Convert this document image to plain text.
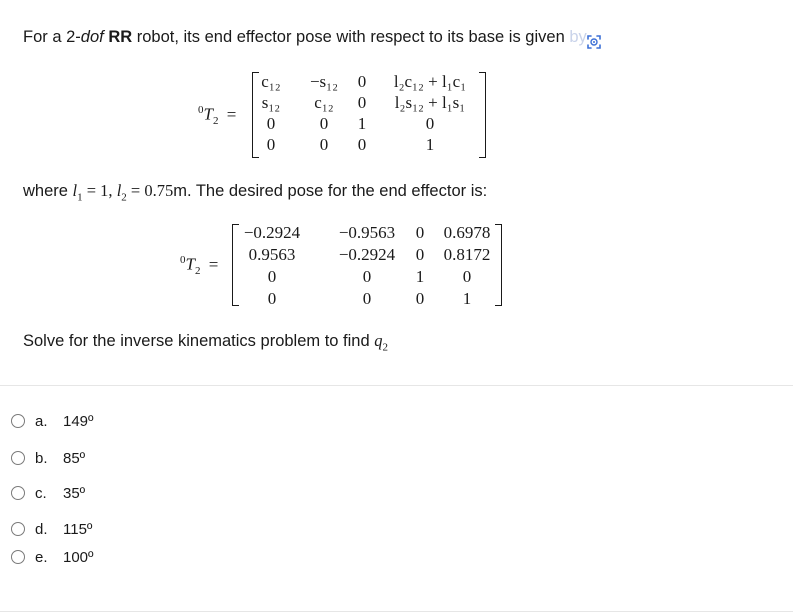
For a 2-dof RR robot, its end effector pose with respect to its base is given by
$^0T_2$ =
c₁₂	−s₁₂	0	l₂c₁₂ + l₁c₁
s₁₂	c₁₂	0	l₂s₁₂ + l₁s₁
0	0	1	0
0	0	0	1
where $l_1 = 1$, $l_2 = 0.75m$. The desired pose for the end effector is:
$^0T_2$ =
−0.2924	−0.9563	0	0.6978
0.9563	−0.2924	0	0.8172
0	0	1	0
0	0	0	1
Solve for the inverse kinematics problem to find $q_2$
a.	149º
b.	85º
c.	35º
d.	115º
e.	100º
